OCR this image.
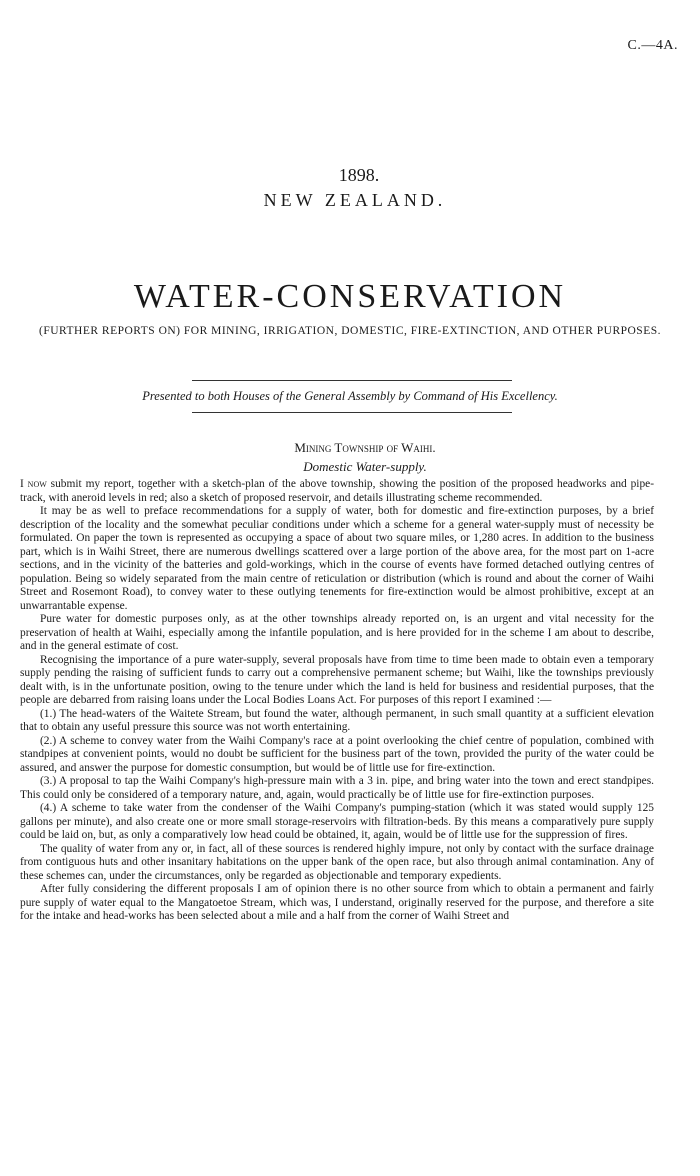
C.—4A.
1898.
NEW ZEALAND.
WATER-CONSERVATION
(FURTHER REPORTS ON) FOR MINING, IRRIGATION, DOMESTIC, FIRE-EXTINCTION, AND OTHER PURPOSES.
Presented to both Houses of the General Assembly by Command of His Excellency.
Mining Township of Waihi.
Domestic Water-supply.

I now submit my report, together with a sketch-plan of the above township, showing the position of the proposed headworks and pipe-track, with aneroid levels in red; also a sketch of proposed reservoir, and details illustrating scheme recommended.

It may be as well to preface recommendations for a supply of water, both for domestic and fire-extinction purposes, by a brief description of the locality and the somewhat peculiar conditions under which a scheme for a general water-supply must of necessity be formulated. On paper the town is represented as occupying a space of about two square miles, or 1,280 acres. In addition to the business part, which is in Waihi Street, there are numerous dwellings scattered over a large portion of the above area, for the most part on 1-acre sections, and in the vicinity of the batteries and gold-workings, which in the course of events have formed detached outlying centres of population. Being so widely separated from the main centre of reticulation or distribution (which is round and about the corner of Waihi Street and Rosemont Road), to convey water to these outlying tenements for fire-extinction would be almost prohibitive, except at an unwarrantable expense.

Pure water for domestic purposes only, as at the other townships already reported on, is an urgent and vital necessity for the preservation of health at Waihi, especially among the infantile population, and is here provided for in the scheme I am about to describe, and in the general estimate of cost.

Recognising the importance of a pure water-supply, several proposals have from time to time been made to obtain even a temporary supply pending the raising of sufficient funds to carry out a comprehensive permanent scheme; but Waihi, like the townships previously dealt with, is in the unfortunate position, owing to the tenure under which the land is held for business and residential purposes, that the people are debarred from raising loans under the Local Bodies Loans Act. For purposes of this report I examined :—

(1.) The head-waters of the Waitete Stream, but found the water, although permanent, in such small quantity at a sufficient elevation that to obtain any useful pressure this source was not worth entertaining.

(2.) A scheme to convey water from the Waihi Company's race at a point overlooking the chief centre of population, combined with standpipes at convenient points, would no doubt be sufficient for the business part of the town, provided the purity of the water could be assured, and answer the purpose for domestic consumption, but would be of little use for fire-extinction.

(3.) A proposal to tap the Waihi Company's high-pressure main with a 3 in. pipe, and bring water into the town and erect standpipes. This could only be considered of a temporary nature, and, again, would practically be of little use for fire-extinction purposes.

(4.) A scheme to take water from the condenser of the Waihi Company's pumping-station (which it was stated would supply 125 gallons per minute), and also create one or more small storage-reservoirs with filtration-beds. By this means a comparatively pure supply could be laid on, but, as only a comparatively low head could be obtained, it, again, would be of little use for the suppression of fires.

The quality of water from any or, in fact, all of these sources is rendered highly impure, not only by contact with the surface drainage from contiguous huts and other insanitary habitations on the upper bank of the open race, but also through animal contamination. Any of these schemes can, under the circumstances, only be regarded as objectionable and temporary expedients.

After fully considering the different proposals I am of opinion there is no other source from which to obtain a permanent and fairly pure supply of water equal to the Mangatoetoe Stream, which was, I understand, originally reserved for the purpose, and therefore a site for the intake and head-works has been selected about a mile and a half from the corner of Waihi Street and
